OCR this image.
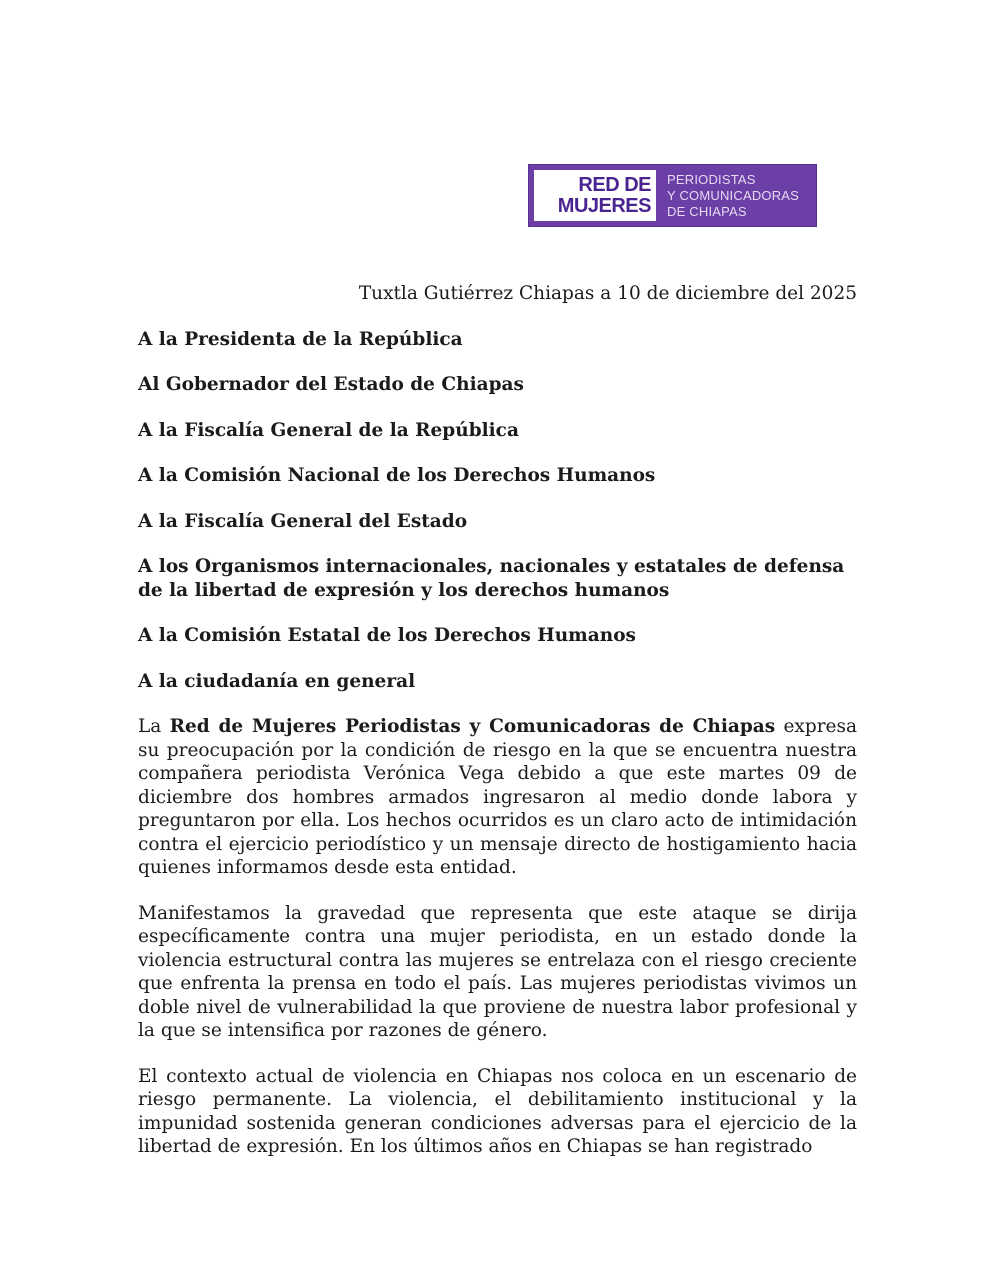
RED DE
MUJERES
PERIODISTAS
Y COMUNICADORAS
DE CHIAPAS
Tuxtla Gutiérrez Chiapas a 10 de diciembre del 2025
A la Presidenta de la República
Al Gobernador del Estado de Chiapas
A la Fiscalía General de la República
A la Comisión Nacional de los Derechos Humanos
A la Fiscalía General del Estado
A los Organismos internacionales, nacionales y estatales de defensa de la libertad de expresión y los derechos humanos
A la Comisión Estatal de los Derechos Humanos
A la ciudadanía en general

La Red de Mujeres Periodistas y Comunicadoras de Chiapas expresa su preocupación por la condición de riesgo en la que se encuentra nuestra compañera periodista Verónica Vega debido a que este martes 09 de diciembre dos hombres armados ingresaron al medio donde labora y preguntaron por ella. Los hechos ocurridos es un claro acto de intimidación contra el ejercicio periodístico y un mensaje directo de hostigamiento hacia quienes informamos desde esta entidad.

Manifestamos la gravedad que representa que este ataque se dirija específicamente contra una mujer periodista, en un estado donde la violencia estructural contra las mujeres se entrelaza con el riesgo creciente que enfrenta la prensa en todo el país. Las mujeres periodistas vivimos un doble nivel de vulnerabilidad la que proviene de nuestra labor profesional y la que se intensifica por razones de género.

El contexto actual de violencia en Chiapas nos coloca en un escenario de riesgo permanente. La violencia, el debilitamiento institucional y la impunidad sostenida generan condiciones adversas para el ejercicio de la libertad de expresión. En los últimos años en Chiapas se han registrado
